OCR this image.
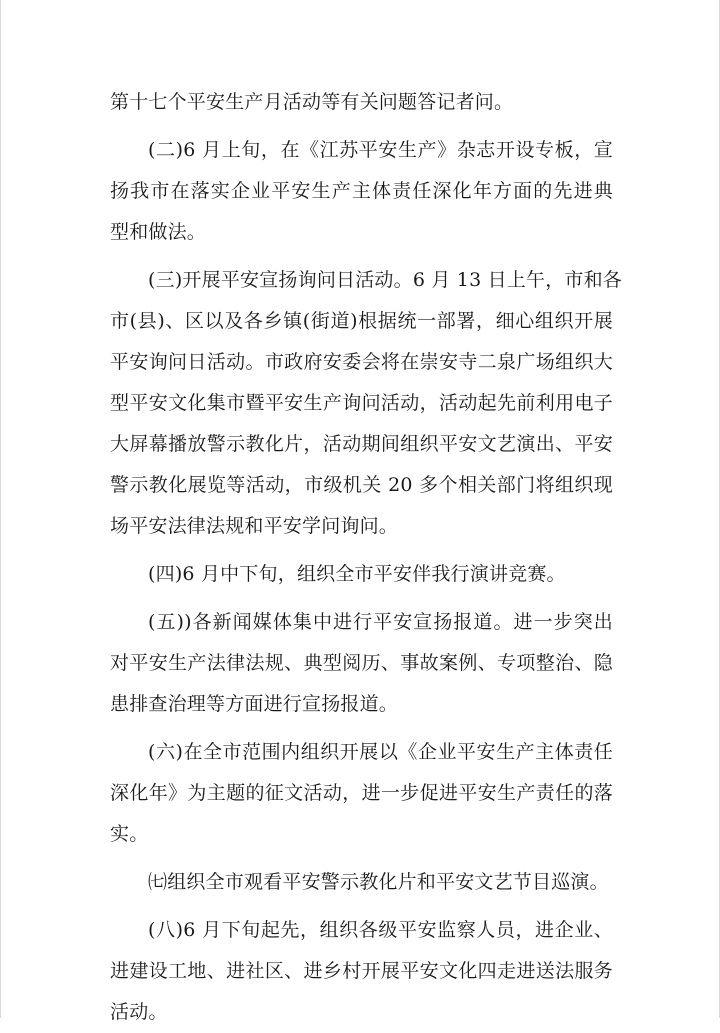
第十七个平安生产月活动等有关问题答记者问。
(二)6 月上旬，在《江苏平安生产》杂志开设专板，宣
扬我市在落实企业平安生产主体责任深化年方面的先进典
型和做法。
(三)开展平安宣扬询问日活动。6 月 13 日上午，市和各
市(县)、区以及各乡镇(街道)根据统一部署，细心组织开展
平安询问日活动。市政府安委会将在崇安寺二泉广场组织大
型平安文化集市暨平安生产询问活动，活动起先前利用电子
大屏幕播放警示教化片，活动期间组织平安文艺演出、平安
警示教化展览等活动，市级机关 20 多个相关部门将组织现
场平安法律法规和平安学问询问。
(四)6 月中下旬，组织全市平安伴我行演讲竞赛。
(五))各新闻媒体集中进行平安宣扬报道。进一步突出
对平安生产法律法规、典型阅历、事故案例、专项整治、隐
患排查治理等方面进行宣扬报道。
(六)在全市范围内组织开展以《企业平安生产主体责任
深化年》为主题的征文活动，进一步促进平安生产责任的落
实。
㈦组织全市观看平安警示教化片和平安文艺节目巡演。
(八)6 月下旬起先，组织各级平安监察人员，进企业、
进建设工地、进社区、进乡村开展平安文化四走进送法服务
活动。
